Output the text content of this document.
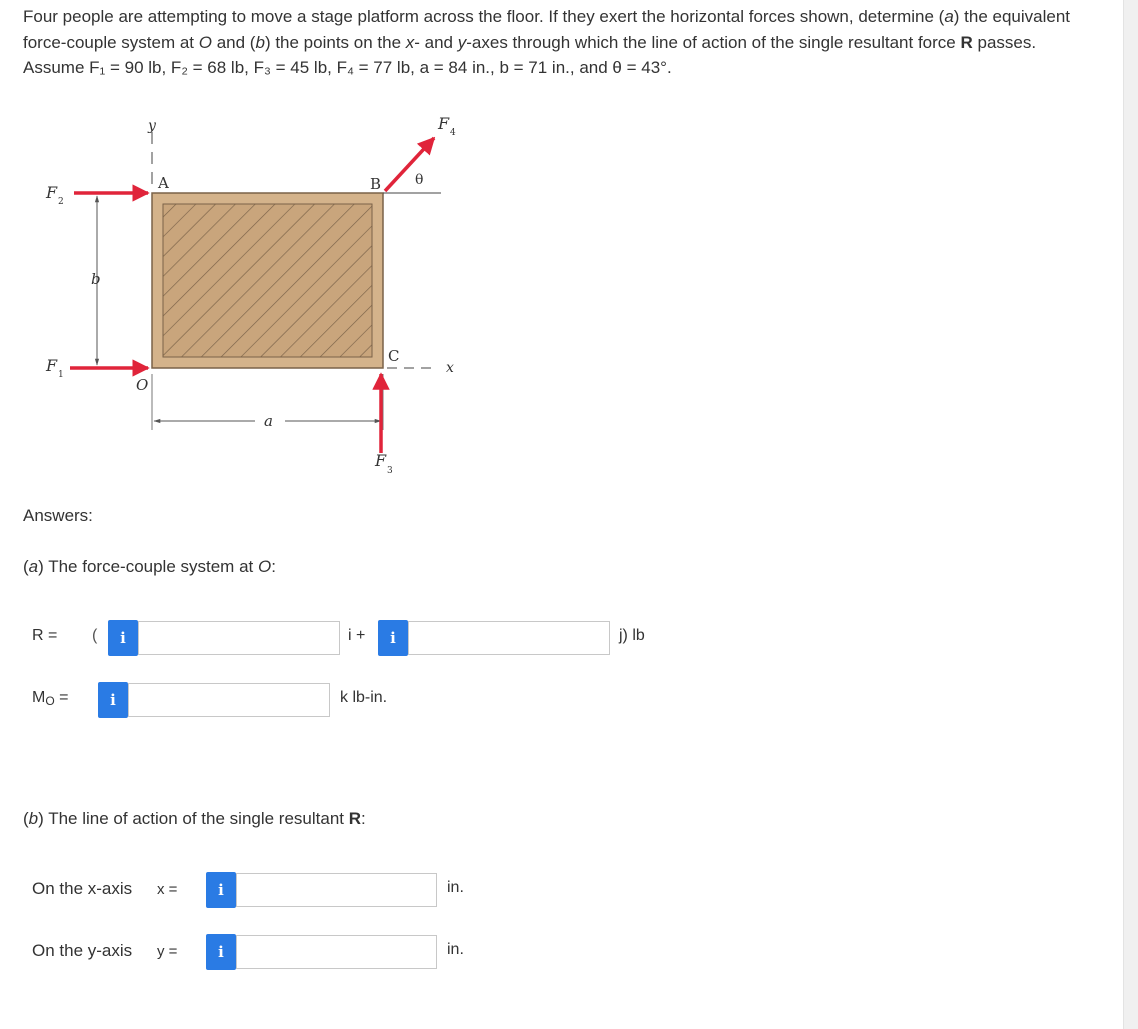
Four people are attempting to move a stage platform across the floor. If they exert the horizontal forces shown, determine (a) the equivalent force-couple system at O and (b) the points on the x- and y-axes through which the line of action of the single resultant force R passes.

Assume F₁ = 90 lb, F₂ = 68 lb, F₃ = 45 lb, F₄ = 77 lb, a = 84 in., b = 71 in., and θ = 43°.

y
x
A	B
C
O
a
b
θ
F 2
F 1
F
3
F 4
Answers:
(a) The force-couple system at O:
R = (	i	i +	i	j) lb
$M_O$ =	i	k lb-in.
(b) The line of action of the single resultant R:
On the x-axis x =	i	in.
On the y-axis y =	i	in.
